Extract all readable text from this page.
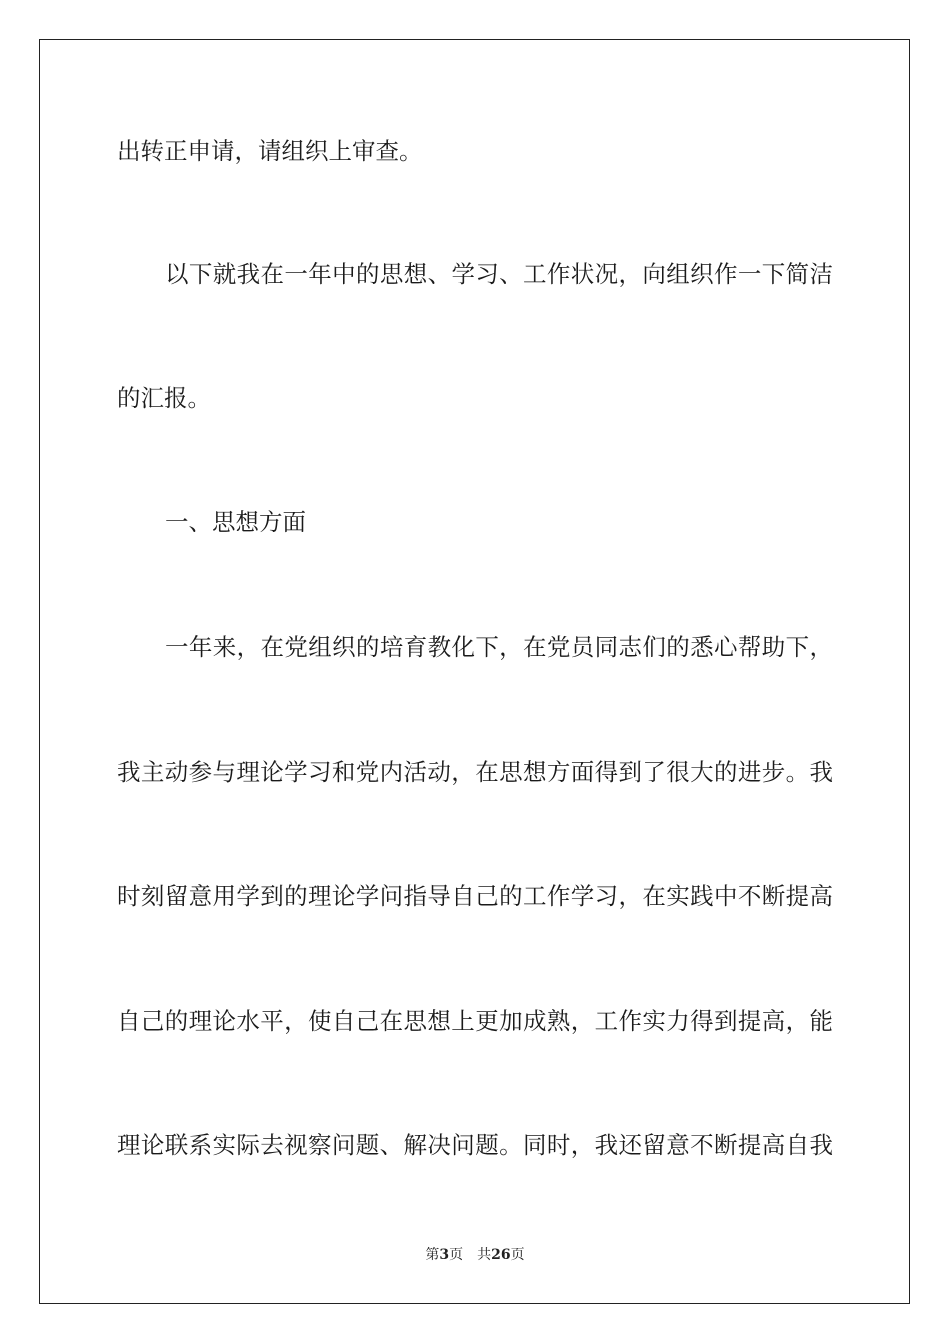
出转正申请，请组织上审查。
以下就我在一年中的思想、学习、工作状况，向组织作一下简洁
的汇报。
一、思想方面
一年来，在党组织的培育教化下，在党员同志们的悉心帮助下，
我主动参与理论学习和党内活动，在思想方面得到了很大的进步。我
时刻留意用学到的理论学问指导自己的工作学习，在实践中不断提高
自己的理论水平，使自己在思想上更加成熟，工作实力得到提高，能
理论联系实际去视察问题、解决问题。同时，我还留意不断提高自我
第3页 共26页
